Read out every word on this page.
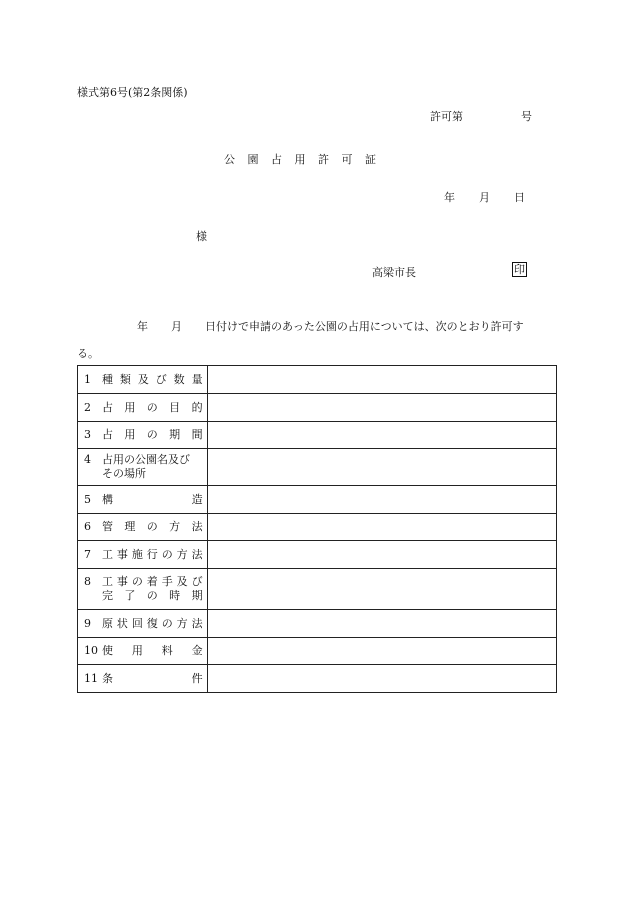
様式第6号(第2条関係)
許可第	号
公園占用許可証
年 月 日
様
高梁市長	印
年 月 日付けで申請のあった公園の占用については、次のとおり許可す
る。
1 種類及び数量	

2 占用の目的	

3 占用の期間	

4 占用の公園名及び
その場所	

5 構造	

6 管理の方法	

7 工事施行の方法	

8 工事の着手及び
完了の時期	

9 原状回復の方法	

10 使用料金	

11 条件	
